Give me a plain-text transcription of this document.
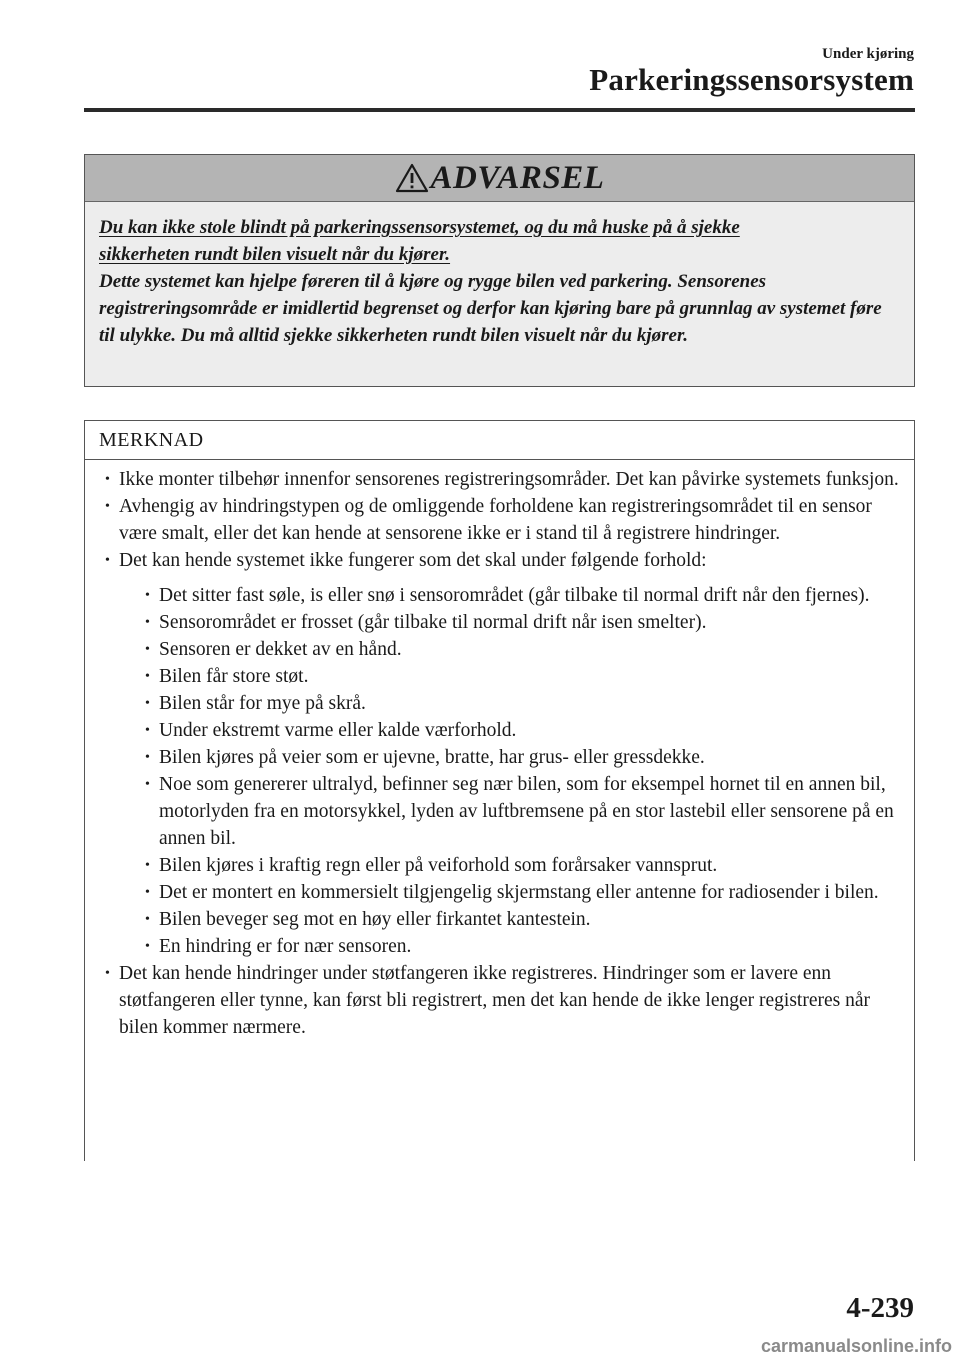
Under kjøring
Parkeringssensorsystem
ADVARSEL
Du kan ikke stole blindt på parkeringssensorsystemet, og du må huske på å sjekke
sikkerheten rundt bilen visuelt når du kjører.
Dette systemet kan hjelpe føreren til å kjøre og rygge bilen ved parkering. Sensorenes registreringsområde er imidlertid begrenset og derfor kan kjøring bare på grunnlag av systemet føre til ulykke. Du må alltid sjekke sikkerheten rundt bilen visuelt når du kjører.
MERKNAD
• Ikke monter tilbehør innenfor sensorenes registreringsområder. Det kan påvirke systemets funksjon.
• Avhengig av hindringstypen og de omliggende forholdene kan registreringsområdet til en sensor være smalt, eller det kan hende at sensorene ikke er i stand til å registrere hindringer.
• Det kan hende systemet ikke fungerer som det skal under følgende forhold:
• Det sitter fast søle, is eller snø i sensorområdet (går tilbake til normal drift når den fjernes).
• Sensorområdet er frosset (går tilbake til normal drift når isen smelter).
• Sensoren er dekket av en hånd.
• Bilen får store støt.
• Bilen står for mye på skrå.
• Under ekstremt varme eller kalde værforhold.
• Bilen kjøres på veier som er ujevne, bratte, har grus- eller gressdekke.
• Noe som genererer ultralyd, befinner seg nær bilen, som for eksempel hornet til en annen bil, motorlyden fra en motorsykkel, lyden av luftbremsene på en stor lastebil eller sensorene på en annen bil.
• Bilen kjøres i kraftig regn eller på veiforhold som forårsaker vannsprut.
• Det er montert en kommersielt tilgjengelig skjermstang eller antenne for radiosender i bilen.
• Bilen beveger seg mot en høy eller firkantet kantestein.
• En hindring er for nær sensoren.
• Det kan hende hindringer under støtfangeren ikke registreres. Hindringer som er lavere enn støtfangeren eller tynne, kan først bli registrert, men det kan hende de ikke lenger registreres når bilen kommer nærmere.
4-239
carmanualsonline.info
